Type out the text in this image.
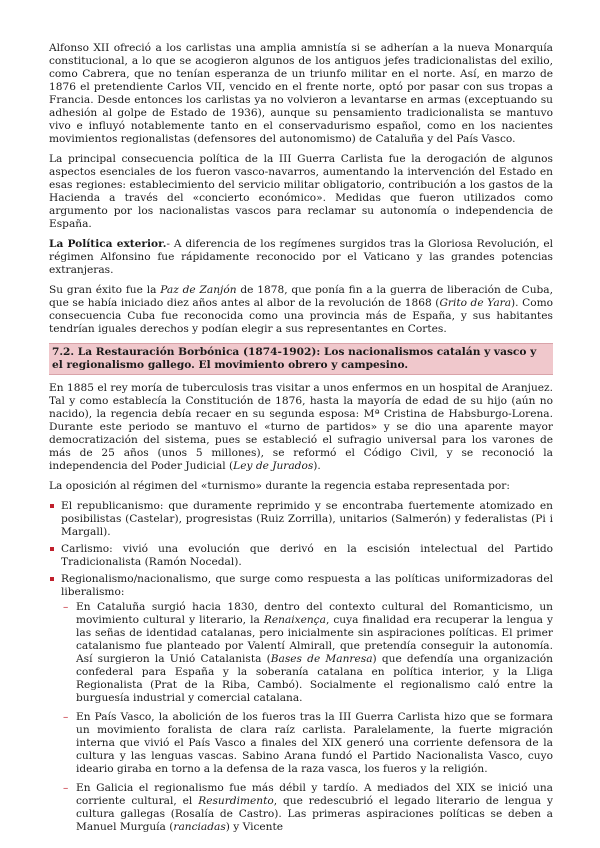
Alfonso XII ofreció a los carlistas una amplia amnistía si se adherían a la nueva Monarquía constitucional, a lo que se acogieron algunos de los antiguos jefes tradicionalistas del exilio, como Cabrera, que no tenían esperanza de un triunfo militar en el norte. Así, en marzo de 1876 el pretendiente Carlos VII, vencido en el frente norte, optó por pasar con sus tropas a Francia. Desde entonces los carlistas ya no volvieron a levantarse en armas (exceptuando su adhesión al golpe de Estado de 1936), aunque su pensamiento tradicionalista se mantuvo vivo e influyó notablemente tanto en el conservadurismo español, como en los nacientes movimientos regionalistas (defensores del autonomismo) de Cataluña y del País Vasco.

La principal consecuencia política de la III Guerra Carlista fue la derogación de algunos aspectos esenciales de los fueron vasco-navarros, aumentando la intervención del Estado en esas regiones: establecimiento del servicio militar obligatorio, contribución a los gastos de la Hacienda a través del «concierto económico». Medidas que fueron utilizados como argumento por los nacionalistas vascos para reclamar su autonomía o independencia de España.

La Política exterior.- A diferencia de los regímenes surgidos tras la Gloriosa Revolución, el régimen Alfonsino fue rápidamente reconocido por el Vaticano y las grandes potencias extranjeras.

Su gran éxito fue la Paz de Zanjón de 1878, que ponía fin a la guerra de liberación de Cuba, que se había iniciado diez años antes al albor de la revolución de 1868 (Grito de Yara). Como consecuencia Cuba fue reconocida como una provincia más de España, y sus habitantes tendrían iguales derechos y podían elegir a sus representantes en Cortes.

7.2. La Restauración Borbónica (1874-1902): Los nacionalismos catalán y vasco y el regionalismo gallego. El movimiento obrero y campesino.

En 1885 el rey moría de tuberculosis tras visitar a unos enfermos en un hospital de Aranjuez. Tal y como establecía la Constitución de 1876, hasta la mayoría de edad de su hijo (aún no nacido), la regencia debía recaer en su segunda esposa: Mª Cristina de Habsburgo-Lorena. Durante este periodo se mantuvo el «turno de partidos» y se dio una aparente mayor democratización del sistema, pues se estableció el sufragio universal para los varones de más de 25 años (unos 5 millones), se reformó el Código Civil, y se reconoció la independencia del Poder Judicial (Ley de Jurados).

La oposición al régimen del «turnismo» durante la regencia estaba representada por:

El republicanismo: que duramente reprimido y se encontraba fuertemente atomizado en posibilistas (Castelar), progresistas (Ruiz Zorrilla), unitarios (Salmerón) y federalistas (Pi i Margall).
Carlismo: vivió una evolución que derivó en la escisión intelectual del Partido Tradicionalista (Ramón Nocedal).
Regionalismo/nacionalismo, que surge como respuesta a las políticas uniformizadoras del liberalismo:
– En Cataluña surgió hacia 1830, dentro del contexto cultural del Romanticismo, un movimiento cultural y literario, la Renaixença, cuya finalidad era recuperar la lengua y las señas de identidad catalanas, pero inicialmente sin aspiraciones políticas. El primer catalanismo fue planteado por Valentí Almirall, que pretendía conseguir la autonomía. Así surgieron la Unió Catalanista (Bases de Manresa) que defendía una organización confederal para España y la soberanía catalana en política interior, y la Lliga Regionalista (Prat de la Riba, Cambó). Socialmente el regionalismo caló entre la burguesía industrial y comercial catalana.
– En País Vasco, la abolición de los fueros tras la III Guerra Carlista hizo que se formara un movimiento foralista de clara raíz carlista. Paralelamente, la fuerte migración interna que vivió el País Vasco a finales del XIX generó una corriente defensora de la cultura y las lenguas vascas. Sabino Arana fundó el Partido Nacionalista Vasco, cuyo ideario giraba en torno a la defensa de la raza vasca, los fueros y la religión.
– En Galicia el regionalismo fue más débil y tardío. A mediados del XIX se inició una corriente cultural, el Resurdimento, que redescubrió el legado literario de lengua y cultura gallegas (Rosalía de Castro). Las primeras aspiraciones políticas se deben a Manuel Murguía (ranciadas) y Vicente
